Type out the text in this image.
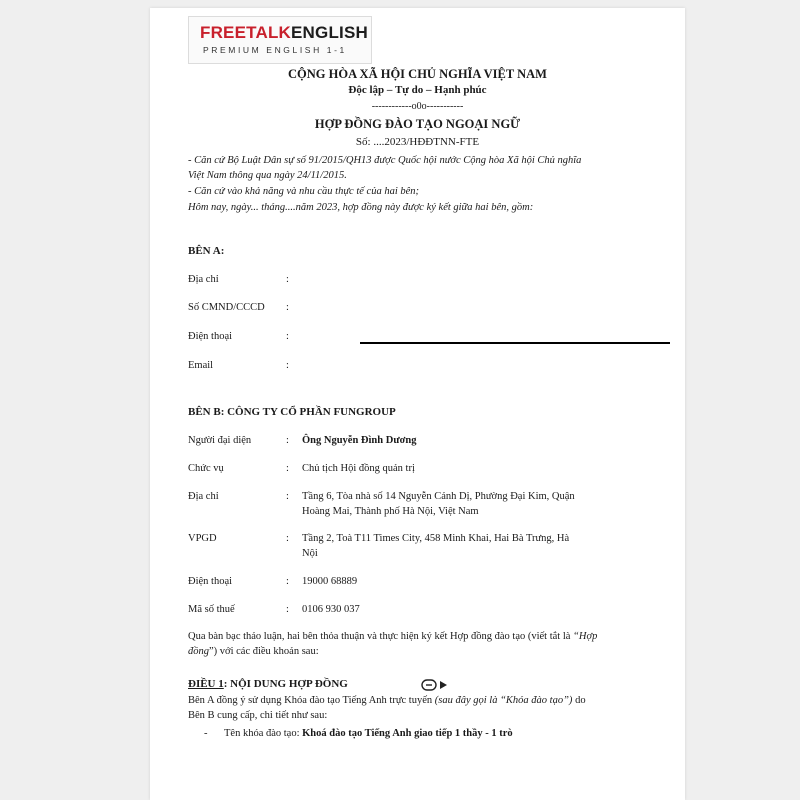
FREETALKENGLISH
PREMIUM ENGLISH 1-1
CỘNG HÒA XÃ HỘI CHỦ NGHĨA VIỆT NAM
Độc lập – Tự do – Hạnh phúc
------------o0o-----------
HỢP ĐỒNG ĐÀO TẠO NGOẠI NGỮ
Số: ....2023/HĐĐTNN-FTE
- Căn cứ Bộ Luật Dân sự số 91/2015/QH13 được Quốc hội nước Cộng hòa Xã hội Chủ nghĩa
Việt Nam thông qua ngày 24/11/2015.
- Căn cứ vào khả năng và nhu cầu thực tế của hai bên;
Hôm nay, ngày... tháng....năm 2023, hợp đồng này được ký kết giữa hai bên, gồm:
BÊN A:
Địa chỉ	:
Số CMND/CCCD :
Điện thoại	:
Email	:
BÊN B: CÔNG TY CỔ PHẦN FUNGROUP
Người đại diện	: Ông Nguyễn Đình Dương
Chức vụ	: Chủ tịch Hội đồng quản trị
Địa chỉ	: Tầng 6, Tòa nhà số 14 Nguyễn Cảnh Dị, Phường Đại Kim, Quận
Hoàng Mai, Thành phố Hà Nội, Việt Nam
VPGD	: Tầng 2, Toà T11 Times City, 458 Minh Khai, Hai Bà Trưng, Hà
Nội
Điện thoại	: 19000 68889
Mã số thuế	: 0106 930 037
Qua bàn bạc thảo luận, hai bên thỏa thuận và thực hiện ký kết Hợp đồng đào tạo (viết tắt là “Hợp
đồng”) với các điều khoản sau:
ĐIỀU 1: NỘI DUNG HỢP ĐỒNG
Bên A đồng ý sử dụng Khóa đào tạo Tiếng Anh trực tuyến (sau đây gọi là “Khóa đào tạo”) do
Bên B cung cấp, chi tiết như sau:
- Tên khóa đào tạo: Khoá đào tạo Tiếng Anh giao tiếp 1 thầy - 1 trò
